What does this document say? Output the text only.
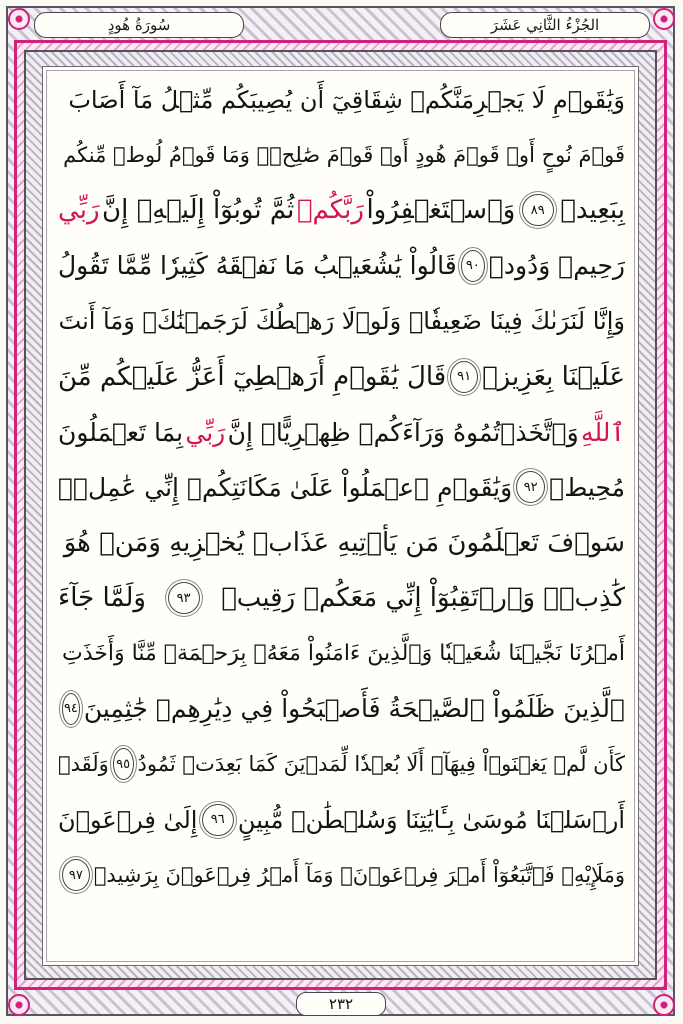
سُورَةُ هُودٍ	الجُزْءُ الثَّانِي عَشَرَ
وَيَٰقَوۡمِ لَا يَجۡرِمَنَّكُمۡ شِقَاقِيٓ أَن يُصِيبَكُم مِّثۡلُ مَآ أَصَابَ
قَوۡمَ نُوحٍ أَوۡ قَوۡمَ هُودٍ أَوۡ قَوۡمَ صَٰلِحٖۚ وَمَا قَوۡمُ لُوطٖ مِّنكُم
بِبَعِيدٖ
٨٩
وَٱسۡتَغۡفِرُواْ
رَبَّكُمۡ
ثُمَّ تُوبُوٓاْ إِلَيۡهِۚ إِنَّ
رَبِّي
رَحِيمٞ وَدُودٞ
٩٠
قَالُواْ يَٰشُعَيۡبُ مَا نَفۡقَهُ كَثِيرٗا مِّمَّا تَقُولُ
وَإِنَّا لَنَرَىٰكَ فِينَا ضَعِيفٗاۖ وَلَوۡلَا رَهۡطُكَ لَرَجَمۡنَٰكَۖ وَمَآ أَنتَ
عَلَيۡنَا بِعَزِيزٖ
٩١
قَالَ يَٰقَوۡمِ أَرَهۡطِيٓ أَعَزُّ عَلَيۡكُم مِّنَ
ٱللَّهِ
وَٱتَّخَذۡتُمُوهُ وَرَآءَكُمۡ ظِهۡرِيًّاۖ إِنَّ
رَبِّي
بِمَا تَعۡمَلُونَ
مُحِيطٞ
٩٢
وَيَٰقَوۡمِ ٱعۡمَلُواْ عَلَىٰ مَكَانَتِكُمۡ إِنِّي عَٰمِلٞۖ
سَوۡفَ تَعۡلَمُونَ مَن يَأۡتِيهِ عَذَابٞ يُخۡزِيهِ وَمَنۡ هُوَ
كَٰذِبٞۖ وَٱرۡتَقِبُوٓاْ إِنِّي مَعَكُمۡ رَقِيبٞ
٩٣
وَلَمَّا جَآءَ
أَمۡرُنَا نَجَّيۡنَا شُعَيۡبٗا وَٱلَّذِينَ ءَامَنُواْ مَعَهُۥ بِرَحۡمَةٖ مِّنَّا وَأَخَذَتِ
ٱلَّذِينَ ظَلَمُواْ ٱلصَّيۡحَةُ فَأَصۡبَحُواْ فِي دِيَٰرِهِمۡ جَٰثِمِينَ
٩٤
كَأَن لَّمۡ يَغۡنَوۡاْ فِيهَآۗ أَلَا بُعۡدٗا لِّمَدۡيَنَ كَمَا بَعِدَتۡ ثَمُودُ
٩٥
وَلَقَدۡ
أَرۡسَلۡنَا مُوسَىٰ بِـَٔايَٰتِنَا وَسُلۡطَٰنٖ مُّبِينٍ
٩٦
إِلَىٰ فِرۡعَوۡنَ
وَمَلَإِيْهِۦ فَٱتَّبَعُوٓاْ أَمۡرَ فِرۡعَوۡنَۖ وَمَآ أَمۡرُ فِرۡعَوۡنَ بِرَشِيدٖ
٩٧
٢٣٢
